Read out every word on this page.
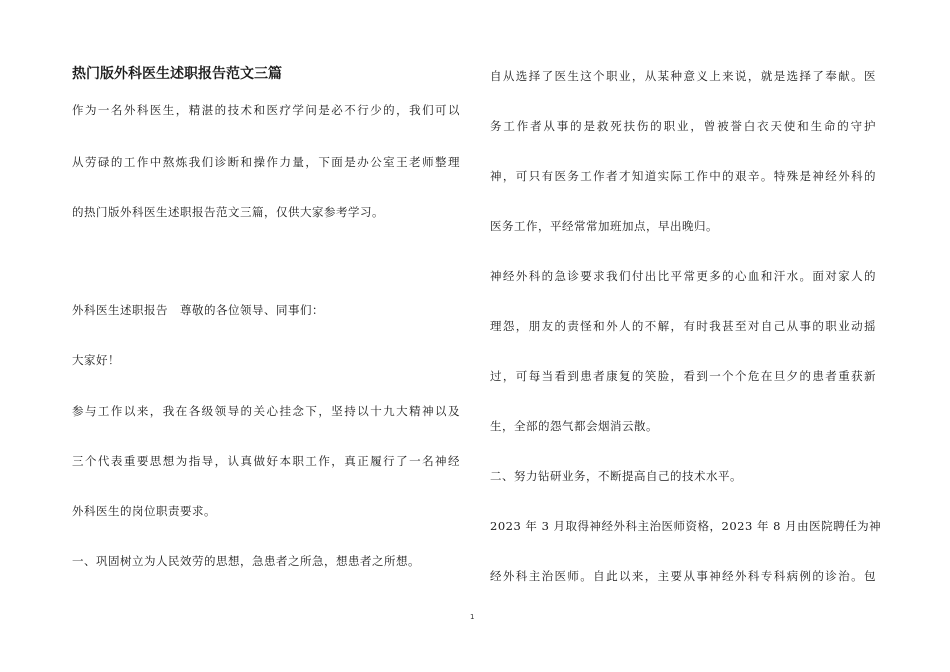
热门版外科医生述职报告范文三篇
作为一名外科医生，精湛的技术和医疗学问是必不行少的，我们可以
从劳碌的工作中熬炼我们诊断和操作力量，下面是办公室王老师整理
的热门版外科医生述职报告范文三篇，仅供大家参考学习。
外科医生述职报告　尊敬的各位领导、同事们：
大家好！
参与工作以来，我在各级领导的关心挂念下，坚持以十九大精神以及
三个代表重要思想为指导，认真做好本职工作，真正履行了一名神经
外科医生的岗位职责要求。
一、巩固树立为人民效劳的思想，急患者之所急，想患者之所想。
自从选择了医生这个职业，从某种意义上来说，就是选择了奉献。医
务工作者从事的是救死扶伤的职业，曾被誉白衣天使和生命的守护
神，可只有医务工作者才知道实际工作中的艰辛。特殊是神经外科的
医务工作，平经常常加班加点，早出晚归。
神经外科的急诊要求我们付出比平常更多的心血和汗水。面对家人的
理怨，朋友的责怪和外人的不解，有时我甚至对自己从事的职业动摇
过，可每当看到患者康复的笑脸，看到一个个危在旦夕的患者重获新
生，全部的怨气都会烟消云散。
二、努力钻研业务，不断提高自己的技术水平。
2023 年 3 月取得神经外科主治医师资格，2023 年 8 月由医院聘任为神
经外科主治医师。自此以来，主要从事神经外科专科病例的诊治。包
1
